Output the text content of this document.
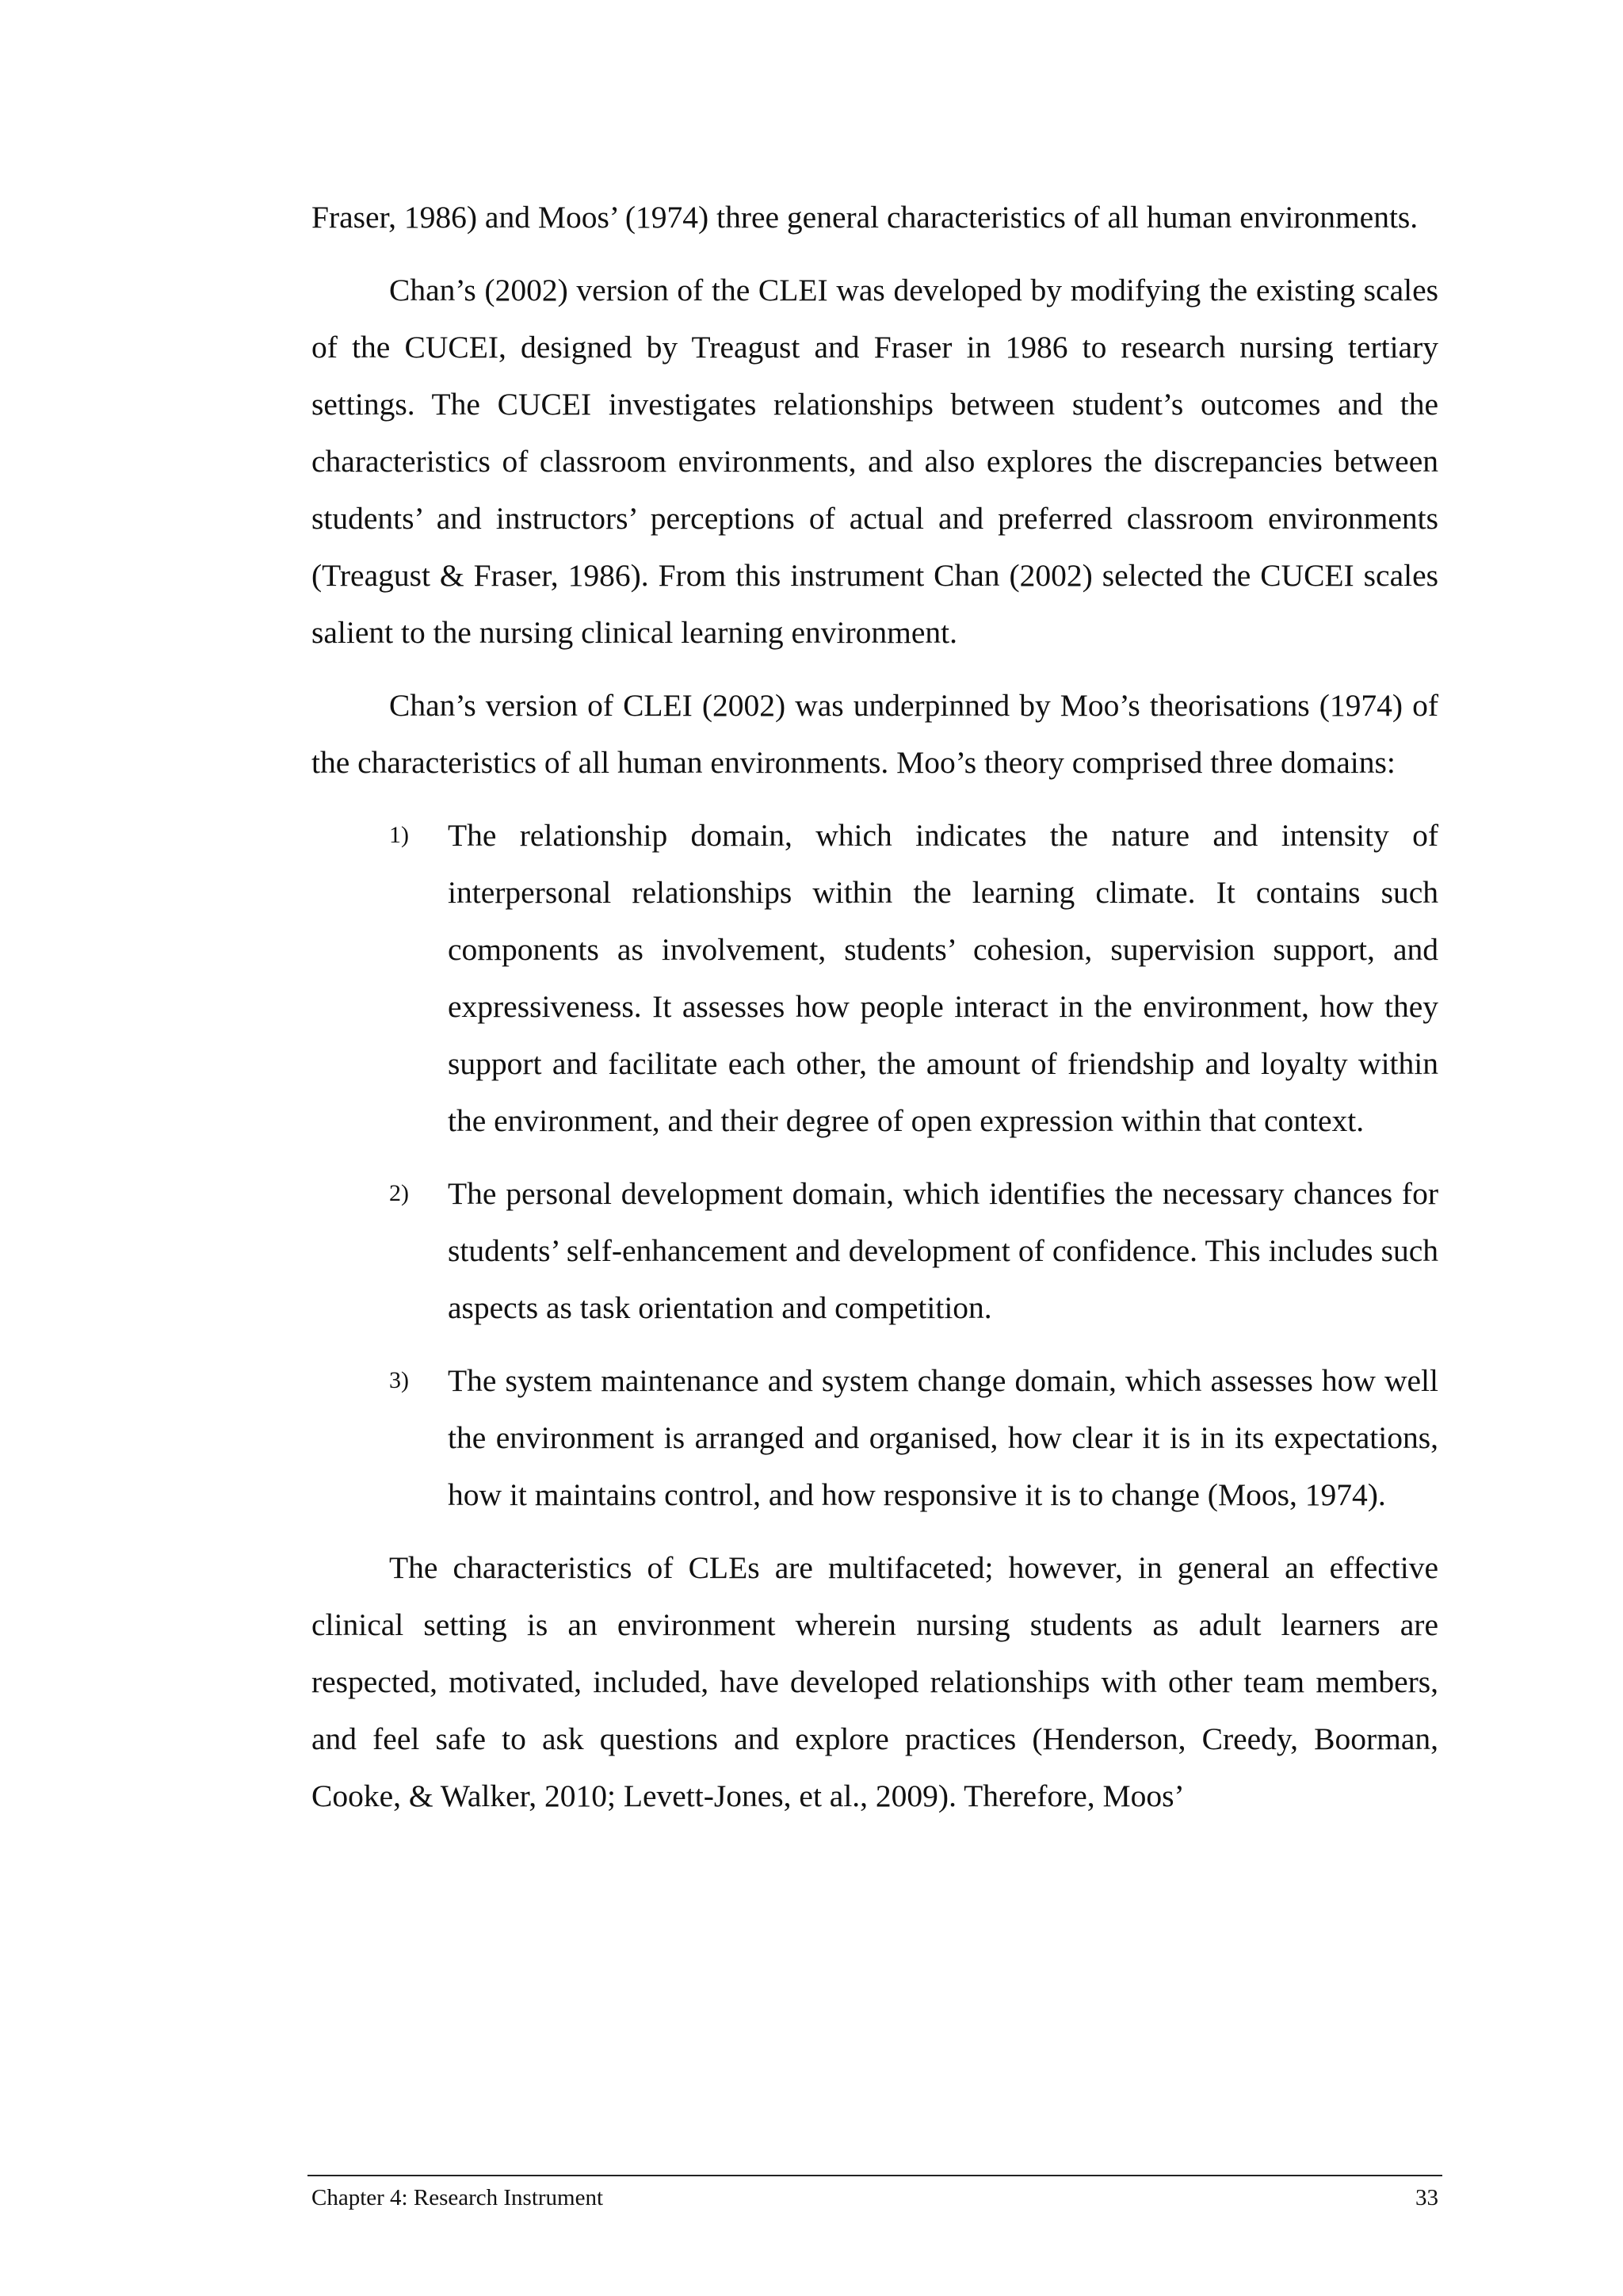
Fraser, 1986) and Moos’ (1974) three general characteristics of all human environments.

Chan’s (2002) version of the CLEI was developed by modifying the existing scales of the CUCEI, designed by Treagust and Fraser in 1986 to research nursing tertiary settings. The CUCEI investigates relationships between student’s outcomes and the characteristics of classroom environments, and also explores the discrepancies between students’ and instructors’ perceptions of actual and preferred classroom environments (Treagust & Fraser, 1986). From this instrument Chan (2002) selected the CUCEI scales salient to the nursing clinical learning environment.

Chan’s version of CLEI (2002) was underpinned by Moo’s theorisations (1974) of the characteristics of all human environments. Moo’s theory comprised three domains:

1) The relationship domain, which indicates the nature and intensity of interpersonal relationships within the learning climate. It contains such components as involvement, students’ cohesion, supervision support, and expressiveness. It assesses how people interact in the environment, how they support and facilitate each other, the amount of friendship and loyalty within the environment, and their degree of open expression within that context.
2) The personal development domain, which identifies the necessary chances for students’ self-enhancement and development of confidence. This includes such aspects as task orientation and competition.
3) The system maintenance and system change domain, which assesses how well the environment is arranged and organised, how clear it is in its expectations, how it maintains control, and how responsive it is to change (Moos, 1974).

The characteristics of CLEs are multifaceted; however, in general an effective clinical setting is an environment wherein nursing students as adult learners are respected, motivated, included, have developed relationships with other team members, and feel safe to ask questions and explore practices (Henderson, Creedy, Boorman, Cooke, & Walker, 2010; Levett-Jones, et al., 2009). Therefore, Moos’

Chapter 4: Research Instrument	33
